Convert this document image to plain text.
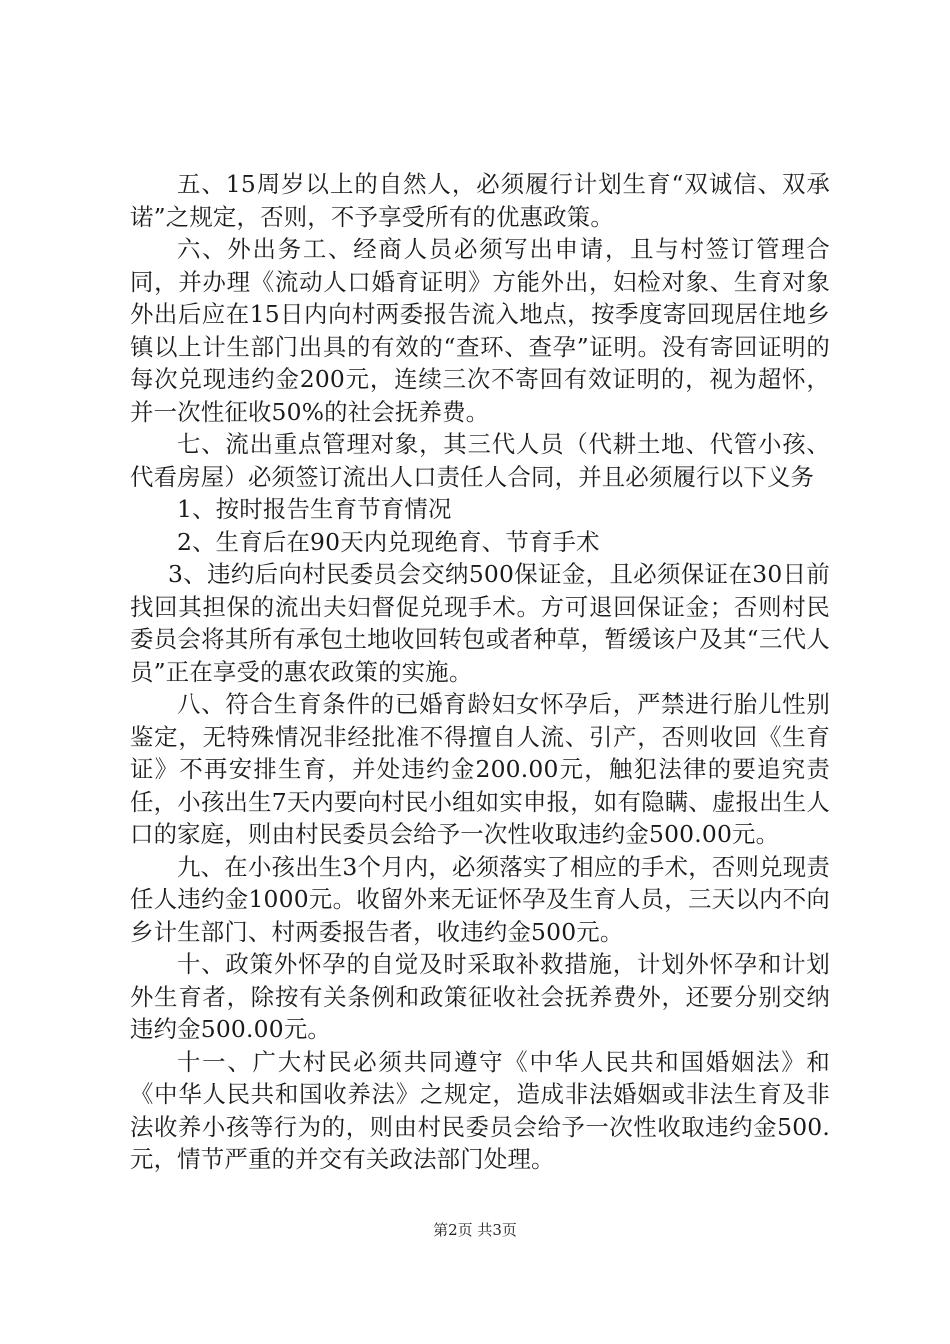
五、15周岁以上的自然人，必须履行计划生育“双诚信、双承诺”之规定，否则，不予享受所有的优惠政策。

六、外出务工、经商人员必须写出申请，且与村签订管理合同，并办理《流动人口婚育证明》方能外出，妇检对象、生育对象外出后应在15日内向村两委报告流入地点，按季度寄回现居住地乡镇以上计生部门出具的有效的“查环、查孕”证明。没有寄回证明的每次兑现违约金200元，连续三次不寄回有效证明的，视为超怀，并一次性征收50%的社会抚养费。

七、流出重点管理对象，其三代人员（代耕土地、代管小孩、代看房屋）必须签订流出人口责任人合同，并且必须履行以下义务

1、按时报告生育节育情况

2、生育后在90天内兑现绝育、节育手术

3、违约后向村民委员会交纳500保证金，且必须保证在30日前找回其担保的流出夫妇督促兑现手术。方可退回保证金；否则村民委员会将其所有承包土地收回转包或者种草，暂缓该户及其“三代人员”正在享受的惠农政策的实施。

八、符合生育条件的已婚育龄妇女怀孕后，严禁进行胎儿性别鉴定，无特殊情况非经批准不得擅自人流、引产，否则收回《生育证》不再安排生育，并处违约金200.00元，触犯法律的要追究责任，小孩出生7天内要向村民小组如实申报，如有隐瞒、虚报出生人口的家庭，则由村民委员会给予一次性收取违约金500.00元。

九、在小孩出生3个月内，必须落实了相应的手术，否则兑现责任人违约金1000元。收留外来无证怀孕及生育人员，三天以内不向乡计生部门、村两委报告者，收违约金500元。

十、政策外怀孕的自觉及时采取补救措施，计划外怀孕和计划外生育者，除按有关条例和政策征收社会抚养费外，还要分别交纳违约金500.00元。

十一、广大村民必须共同遵守《中华人民共和国婚姻法》和《中华人民共和国收养法》之规定，造成非法婚姻或非法生育及非法收养小孩等行为的，则由村民委员会给予一次性收取违约金500.元，情节严重的并交有关政法部门处理。

第2页 共3页
